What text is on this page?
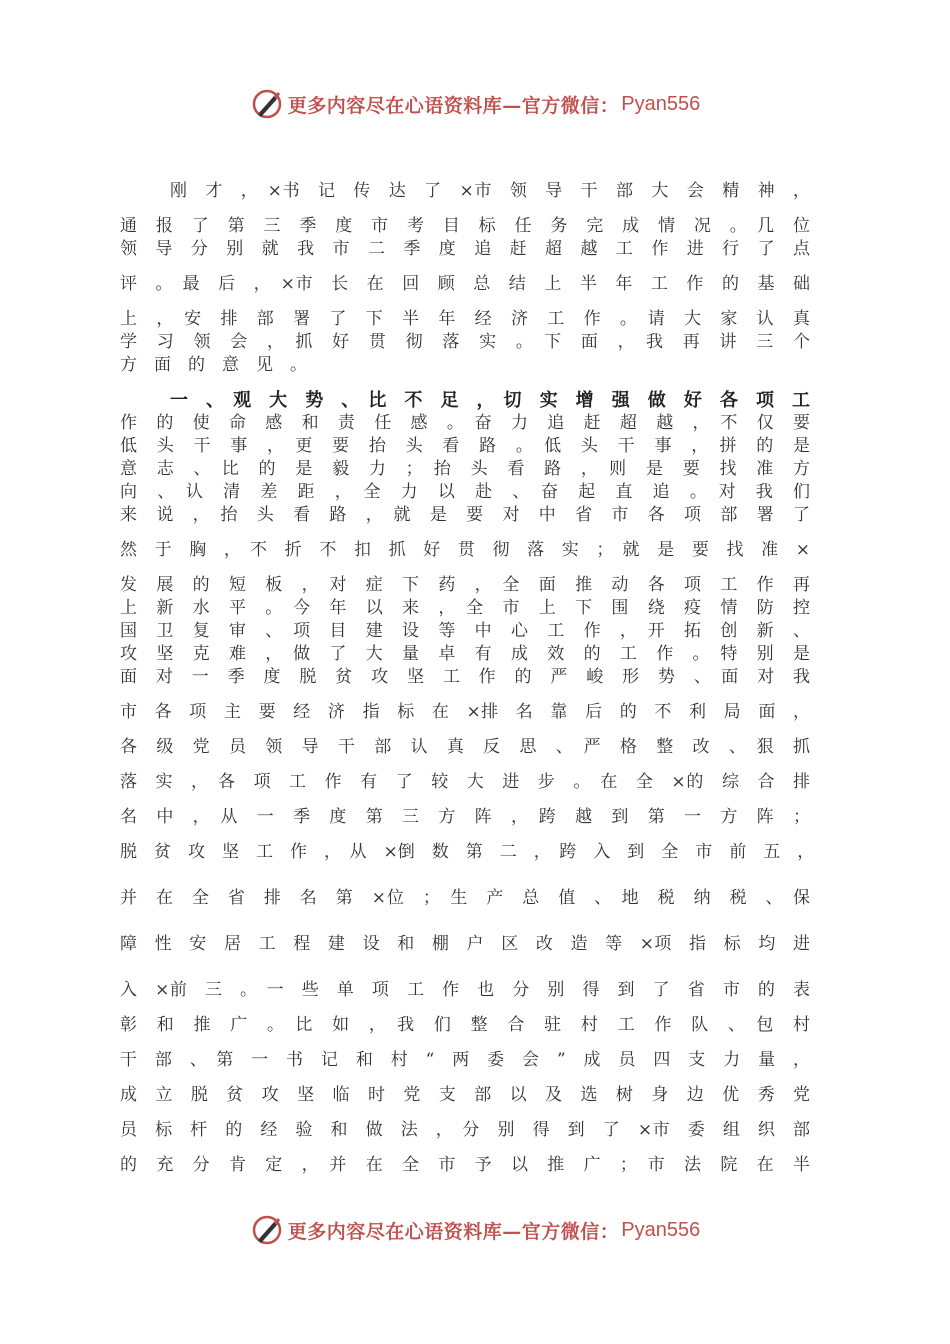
更多内容尽在心语资料库—官方微信： Pyan556
刚　才　，　×书　记　传　达　了　×市　领　导　干　部　大　会　精　神　，
通　报　了　第　三　季　度　市　考　目　标　任　务　完　成　情　况　。　几　位
领　导　分　别　就　我　市　二　季　度　追　赶　超　越　工　作　进　行　了　点
评　。　最　后　，　×市　长　在　回　顾　总　结　上　半　年　工　作　的　基　础
上　，　安　排　部　署　了　下　半　年　经　济　工　作　。　请　大　家　认　真
学　习　领　会　，　抓　好　贯　彻　落　实　。　下　面　，　我　再　讲　三　个
方　面　的　意　见　。
一　、　观　大　势　、　比　不　足　，　切　实　增　强　做　好　各　项　工
作　的　使　命　感　和　责　任　感　。　奋　力　追　赶　超　越　，　不　仅　要
低　头　干　事　，　更　要　抬　头　看　路　。　低　头　干　事　，　拼　的　是
意　志　、　比　的　是　毅　力　；　抬　头　看　路　，　则　是　要　找　准　方
向　、　认　清　差　距　，　全　力　以　赴　、　奋　起　直　追　。　对　我　们
来　说　，　抬　头　看　路　，　就　是　要　对　中　省　市　各　项　部　署　了
然　于　胸　，　不　折　不　扣　抓　好　贯　彻　落　实　；　就　是　要　找　准　×
发　展　的　短　板　，　对　症　下　药　，　全　面　推　动　各　项　工　作　再
上　新　水　平　。　今　年　以　来　，　全　市　上　下　围　绕　疫　情　防　控
国　卫　复　审　、　项　目　建　设　等　中　心　工　作　，　开　拓　创　新　、
攻　坚　克　难　，　做　了　大　量　卓　有　成　效　的　工　作　。　特　别　是
面　对　一　季　度　脱　贫　攻　坚　工　作　的　严　峻　形　势　、　面　对　我
市　各　项　主　要　经　济　指　标　在　×排　名　靠　后　的　不　利　局　面　，
各　级　党　员　领　导　干　部　认　真　反　思　、　严　格　整　改　、　狠　抓
落　实　，　各　项　工　作　有　了　较　大　进　步　。　在　全　×的　综　合　排
名　中　，　从　一　季　度　第　三　方　阵　，　跨　越　到　第　一　方　阵　；
脱　贫　攻　坚　工　作　，　从　×倒　数　第　二　，　跨　入　到　全　市　前　五　，
并　在　全　省　排　名　第　×位　；　生　产　总　值　、　地　税　纳　税　、　保
障　性　安　居　工　程　建　设　和　棚　户　区　改　造　等　×项　指　标　均　进
入　×前　三　。　一　些　单　项　工　作　也　分　别　得　到　了　省　市　的　表
彰　和　推　广　。　比　如　，　我　们　整　合　驻　村　工　作　队　、　包　村
干　部　、　第　一　书　记　和　村　“　两　委　会　”　成　员　四　支　力　量　，
成　立　脱　贫　攻　坚　临　时　党　支　部　以　及　选　树　身　边　优　秀　党
员　标　杆　的　经　验　和　做　法　，　分　别　得　到　了　×市　委　组　织　部
的　充　分　肯　定　，　并　在　全　市　予　以　推　广　；　市　法　院　在　半
更多内容尽在心语资料库—官方微信： Pyan556
